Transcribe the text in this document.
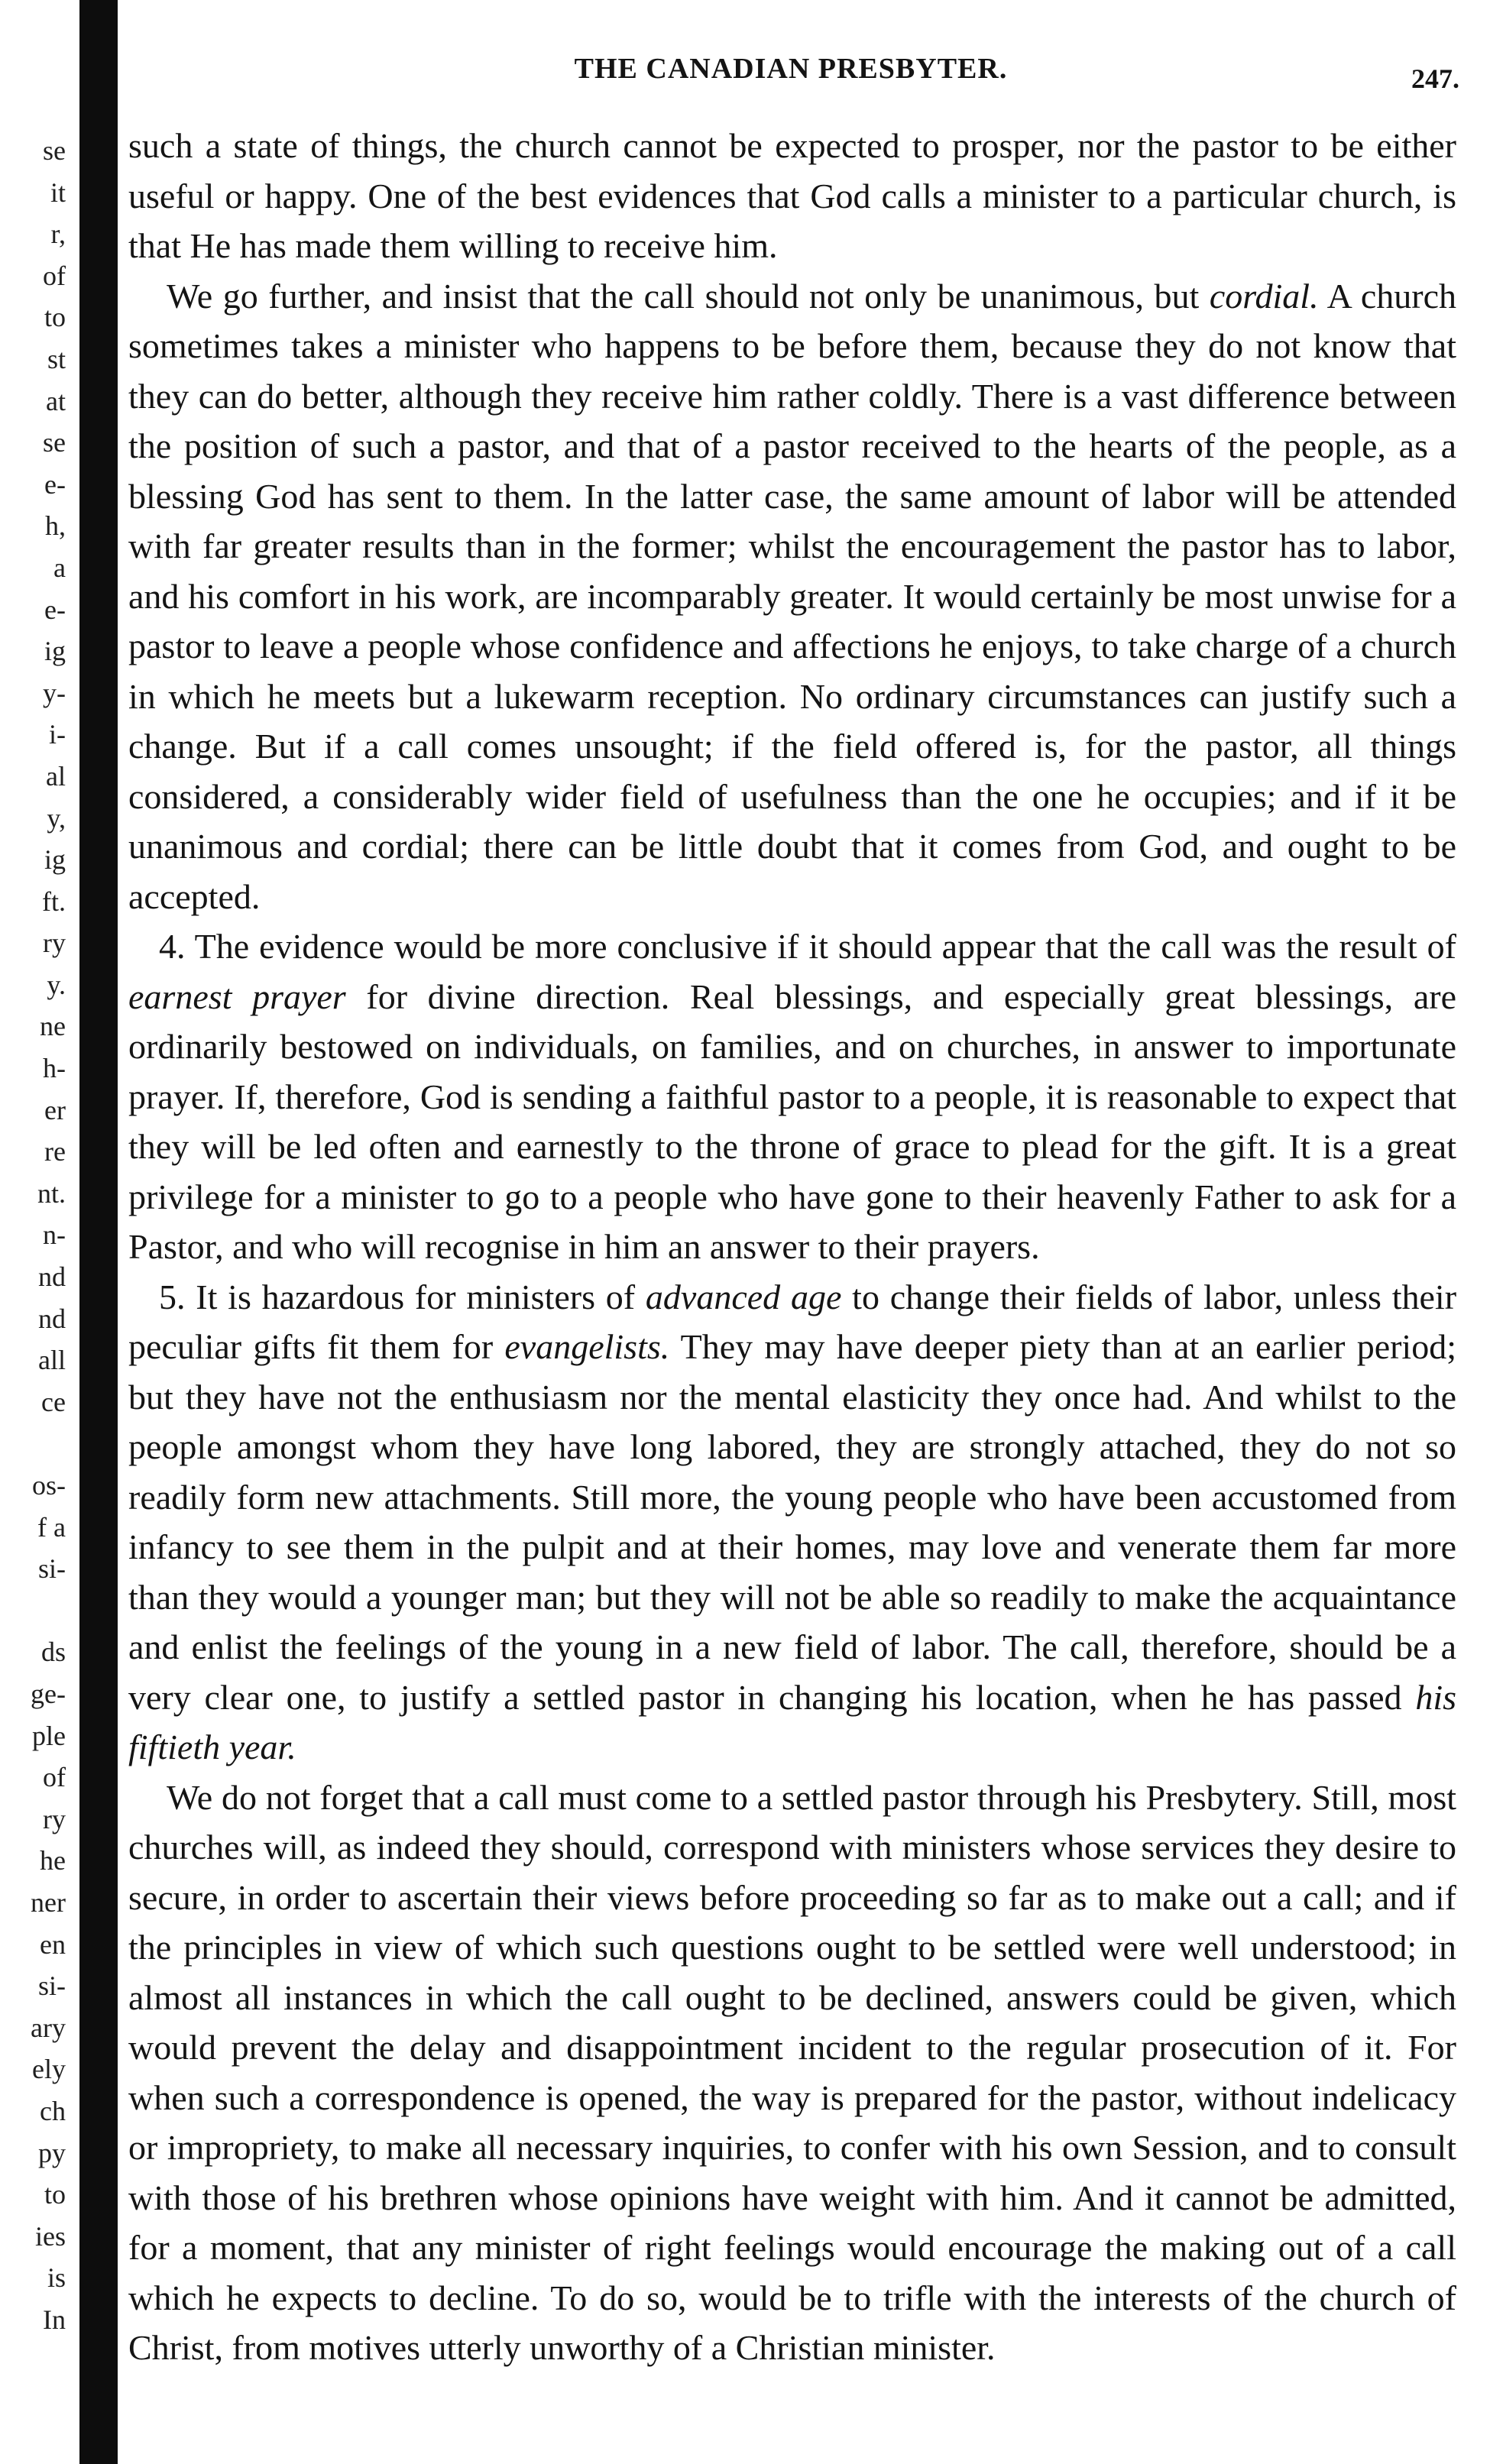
se
it
r,
of
to
st
at
se
e-
h,
a
e-
ig
y-
i-
al
y,
ig
ft.
ry
y.
ne
h-
er
re
nt.
n-
nd
nd
all
ce
os-
f a
si-
ds
ge-
ple
of
ry
he
ner
en
si-
ary
ely
ch
py
to
ies
is
In
THE CANADIAN PRESBYTER.	247.

such a state of things, the church cannot be expected to prosper, nor the pastor to be either useful or happy. One of the best evidences that God calls a minister to a particular church, is that He has made them willing to receive him.

We go further, and insist that the call should not only be unanimous, but cordial. A church sometimes takes a minister who happens to be before them, because they do not know that they can do better, although they receive him rather coldly. There is a vast difference between the position of such a pastor, and that of a pastor received to the hearts of the people, as a blessing God has sent to them. In the latter case, the same amount of labor will be attended with far greater results than in the former; whilst the encouragement the pastor has to labor, and his comfort in his work, are incomparably greater. It would certainly be most unwise for a pastor to leave a people whose confidence and affections he enjoys, to take charge of a church in which he meets but a lukewarm reception. No ordinary circumstances can justify such a change. But if a call comes unsought; if the field offered is, for the pastor, all things considered, a considerably wider field of usefulness than the one he occupies; and if it be unanimous and cordial; there can be little doubt that it comes from God, and ought to be accepted.

4. The evidence would be more conclusive if it should appear that the call was the result of earnest prayer for divine direction. Real blessings, and especially great blessings, are ordinarily bestowed on individuals, on families, and on churches, in answer to importunate prayer. If, therefore, God is sending a faithful pastor to a people, it is reasonable to expect that they will be led often and earnestly to the throne of grace to plead for the gift. It is a great privilege for a minister to go to a people who have gone to their heavenly Father to ask for a Pastor, and who will recognise in him an answer to their prayers.

5. It is hazardous for ministers of advanced age to change their fields of labor, unless their peculiar gifts fit them for evangelists. They may have deeper piety than at an earlier period; but they have not the enthusiasm nor the mental elasticity they once had. And whilst to the people amongst whom they have long labored, they are strongly attached, they do not so readily form new attachments. Still more, the young people who have been accustomed from infancy to see them in the pulpit and at their homes, may love and venerate them far more than they would a younger man; but they will not be able so readily to make the acquaintance and enlist the feelings of the young in a new field of labor. The call, therefore, should be a very clear one, to justify a settled pastor in changing his location, when he has passed his fiftieth year.

We do not forget that a call must come to a settled pastor through his Presbytery. Still, most churches will, as indeed they should, correspond with ministers whose services they desire to secure, in order to ascertain their views before proceeding so far as to make out a call; and if the principles in view of which such questions ought to be settled were well understood; in almost all instances in which the call ought to be declined, answers could be given, which would prevent the delay and disappointment incident to the regular prosecution of it. For when such a correspondence is opened, the way is prepared for the pastor, without indelicacy or impropriety, to make all necessary inquiries, to confer with his own Session, and to consult with those of his brethren whose opinions have weight with him. And it cannot be admitted, for a moment, that any minister of right feelings would encourage the making out of a call which he expects to decline. To do so, would be to trifle with the interests of the church of Christ, from motives utterly unworthy of a Christian minister.
